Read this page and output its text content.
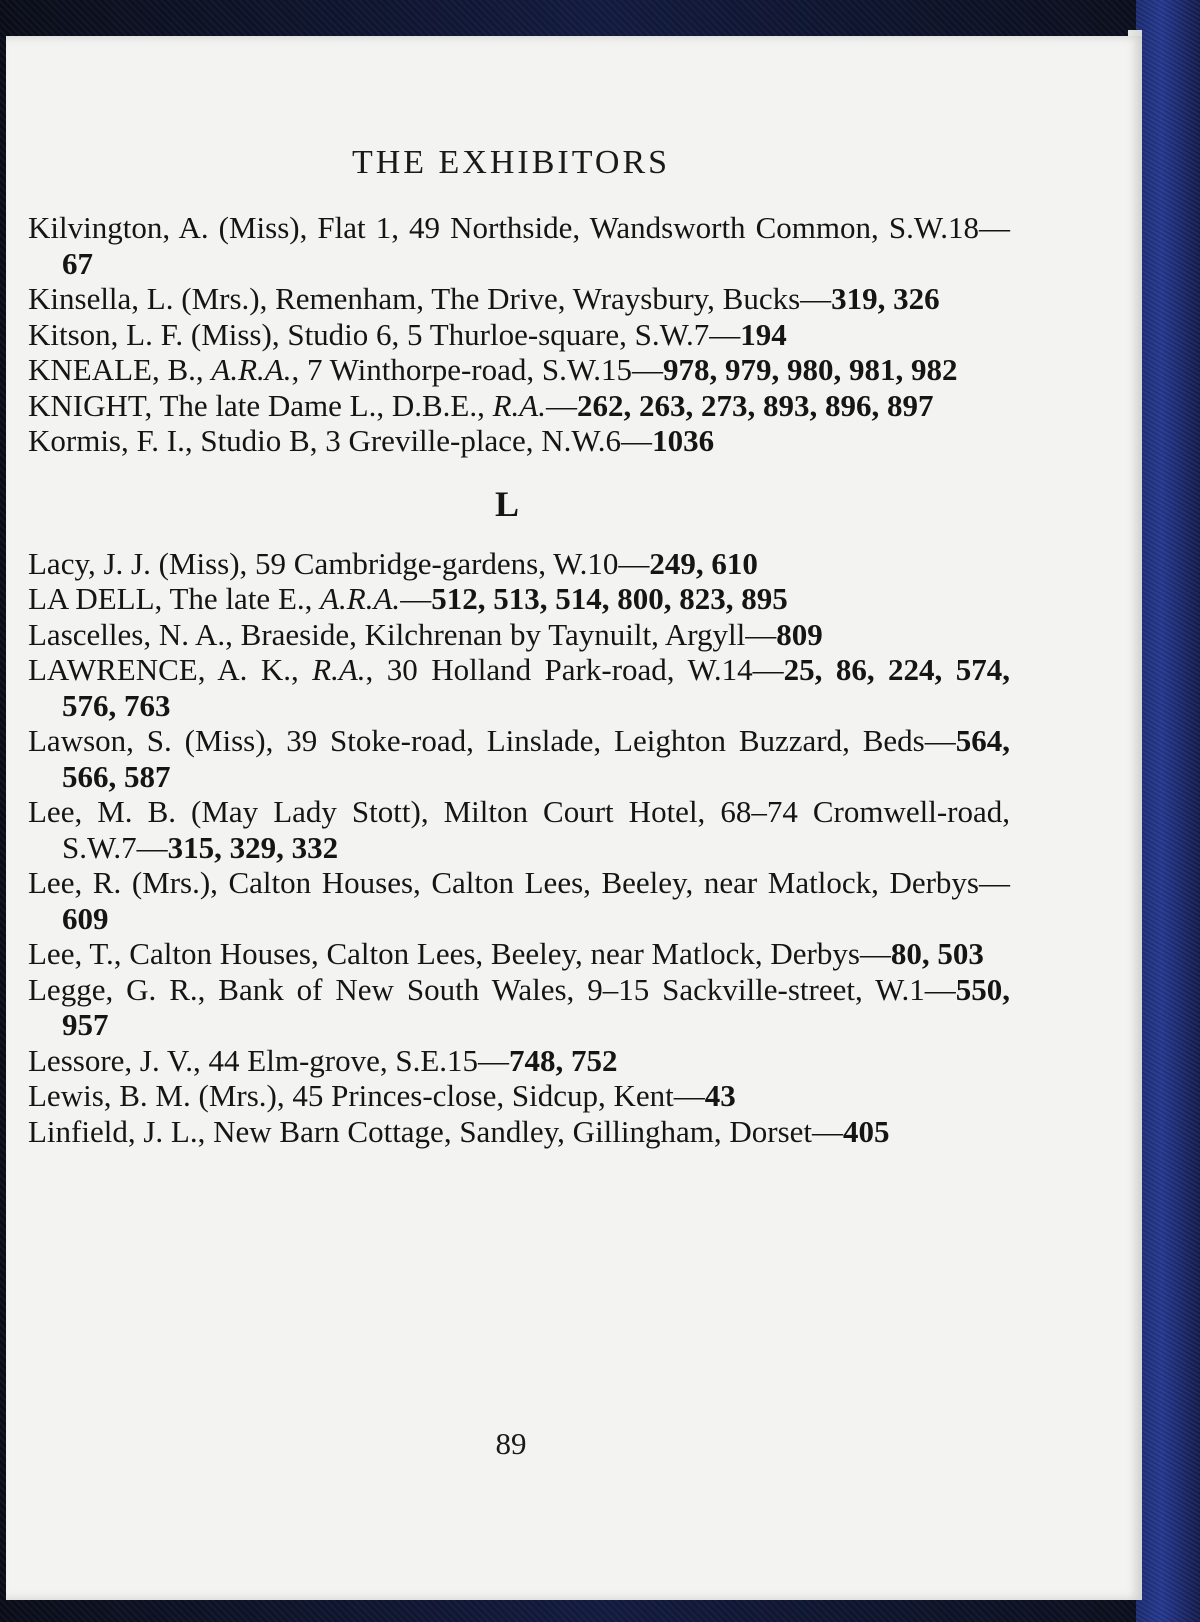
THE EXHIBITORS
Kilvington, A. (Miss), Flat 1, 49 Northside, Wandsworth Common, S.W.18—67
Kinsella, L. (Mrs.), Remenham, The Drive, Wraysbury, Bucks—319, 326
Kitson, L. F. (Miss), Studio 6, 5 Thurloe-square, S.W.7—194
KNEALE, B., A.R.A., 7 Winthorpe-road, S.W.15—978, 979, 980, 981, 982
KNIGHT, The late Dame L., D.B.E., R.A.—262, 263, 273, 893, 896, 897
Kormis, F. I., Studio B, 3 Greville-place, N.W.6—1036
L
Lacy, J. J. (Miss), 59 Cambridge-gardens, W.10—249, 610
LA DELL, The late E., A.R.A.—512, 513, 514, 800, 823, 895
Lascelles, N. A., Braeside, Kilchrenan by Taynuilt, Argyll—809
LAWRENCE, A. K., R.A., 30 Holland Park-road, W.14—25, 86, 224, 574, 576, 763
Lawson, S. (Miss), 39 Stoke-road, Linslade, Leighton Buzzard, Beds—564, 566, 587
Lee, M. B. (May Lady Stott), Milton Court Hotel, 68–74 Cromwell-road, S.W.7—315, 329, 332
Lee, R. (Mrs.), Calton Houses, Calton Lees, Beeley, near Matlock, Derbys—609
Lee, T., Calton Houses, Calton Lees, Beeley, near Matlock, Derbys—80, 503
Legge, G. R., Bank of New South Wales, 9–15 Sackville-street, W.1—550, 957
Lessore, J. V., 44 Elm-grove, S.E.15—748, 752
Lewis, B. M. (Mrs.), 45 Princes-close, Sidcup, Kent—43
Linfield, J. L., New Barn Cottage, Sandley, Gillingham, Dorset—405
89
